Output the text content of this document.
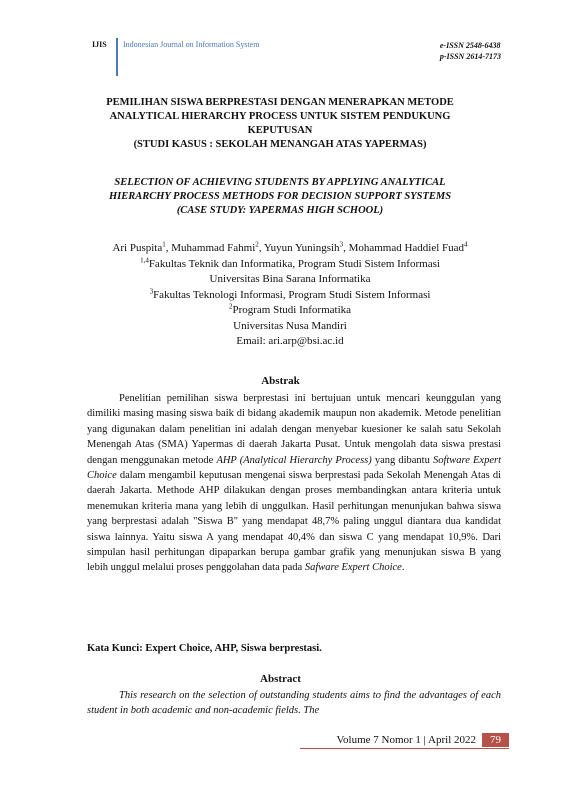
IJIS Indonesian Journal on Information System	e-ISSN 2548-6438
p-ISSN 2614-7173
PEMILIHAN SISWA BERPRESTASI DENGAN MENERAPKAN METODE
ANALYTICAL HIERARCHY PROCESS UNTUK SISTEM PENDUKUNG
KEPUTUSAN
(STUDI KASUS : SEKOLAH MENANGAH ATAS YAPERMAS)
SELECTION OF ACHIEVING STUDENTS BY APPLYING ANALYTICAL
HIERARCHY PROCESS METHODS FOR DECISION SUPPORT SYSTEMS
(CASE STUDY: YAPERMAS HIGH SCHOOL)
Ari Puspita$^1$, Muhammad Fahmi$^2$, Yuyun Yuningsih$^3$, Mohammad Haddiel Fuad$^4$
$^{1,4}$Fakultas Teknik dan Informatika, Program Studi Sistem Informasi
Universitas Bina Sarana Informatika
$^3$Fakultas Teknologi Informasi, Program Studi Sistem Informasi
$^2$Program Studi Informatika
Universitas Nusa Mandiri
Email: ari.arp@bsi.ac.id
Abstrak

Penelitian pemilihan siswa berprestasi ini bertujuan untuk mencari keunggulan yang dimiliki masing masing siswa baik di bidang akademik maupun non akademik. Metode penelitian yang digunakan dalam penelitian ini adalah dengan menyebar kuesioner ke salah satu Sekolah Menengah Atas (SMA) Yapermas di daerah Jakarta Pusat. Untuk mengolah data siswa prestasi dengan menggunakan metode AHP (Analytical Hierarchy Process) yang dibantu Software Expert Choice dalam mengambil keputusan mengenai siswa berprestasi pada Sekolah Menengah Atas di daerah Jakarta. Methode AHP dilakukan dengan proses membandingkan antara kriteria untuk menemukan kriteria mana yang lebih di unggulkan. Hasil perhitungan menunjukan bahwa siswa yang berprestasi adalah "Siswa B" yang mendapat 48,7% paling unggul diantara dua kandidat siswa lainnya. Yaitu siswa A yang mendapat 40,4% dan siswa C yang mendapat 10,9%. Dari simpulan hasil perhitungan dipaparkan berupa gambar grafik yang menunjukan siswa B yang lebih unggul melalui proses penggolahan data pada Safware Expert Choice.

Kata Kunci: Expert Choice, AHP, Siswa berprestasi.
Abstract

This research on the selection of outstanding students aims to find the advantages of each student in both academic and non-academic fields. The

Volume 7 Nomor 1 | April 2022	79
